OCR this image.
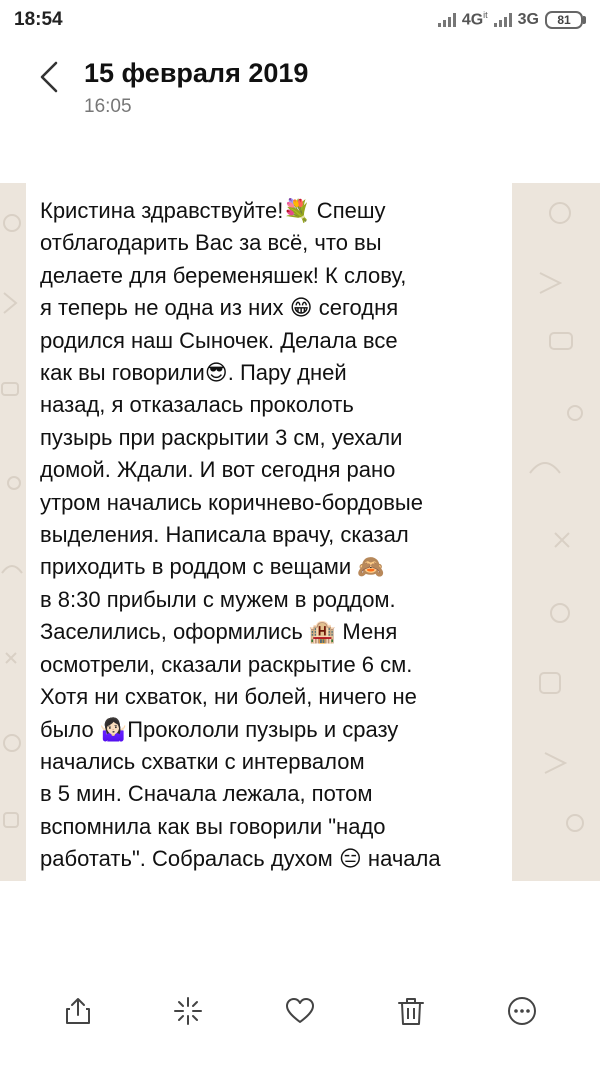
18:54	$4G^{it}$ 3G	81
15 февраля 2019
16:05
Кристина здравствуйте!💐 Спешу
отблагодарить Вас за всё, что вы
делаете для беременяшек! К слову,
я теперь не одна из них 😁 сегодня
родился наш Сыночек. Делала все
как вы говорили😎. Пару дней
назад, я отказалась проколоть
пузырь при раскрытии 3 см, уехали
домой. Ждали. И вот сегодня рано
утром начались коричнево-бордовые
выделения. Написала врачу, сказал
приходить в роддом с вещами 🙈
в 8:30 прибыли с мужем в роддом.
Заселились, оформились 🏨 Меня
осмотрели, сказали раскрытие 6 см.
Хотя ни схваток, ни болей, ничего не
было 🤷🏻‍♀️Прокололи пузырь и сразу
начались схватки с интервалом
в 5 мин. Сначала лежала, потом
вспомнила как вы говорили "надо
работать". Собралась духом 😑 начала
